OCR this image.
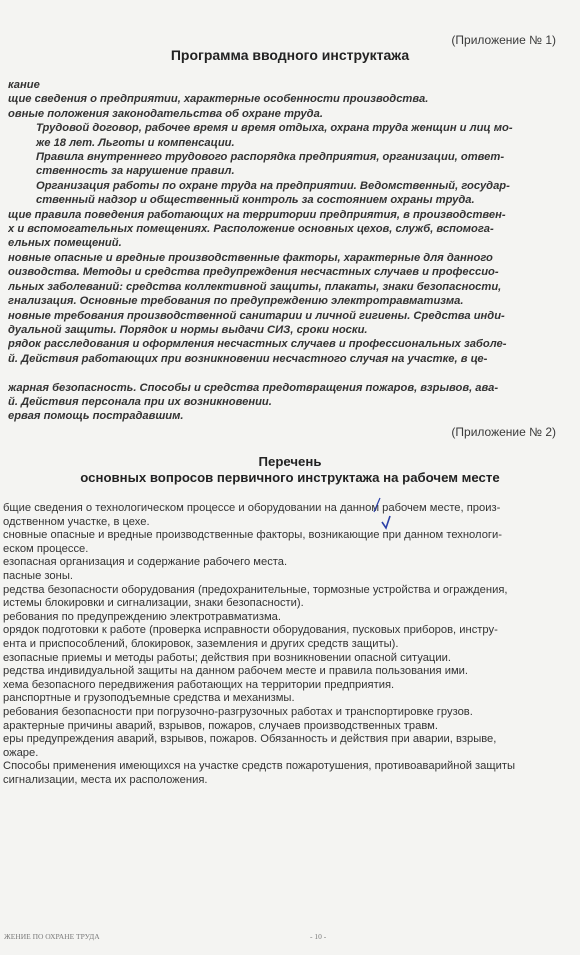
(Приложение № 1)
Программа вводного инструктажа
кание
щие сведения о предприятии, характерные особенности производства.
овные положения законодательства об охране труда.
Трудовой договор, рабочее время и время отдыха, охрана труда женщин и лиц мо-
же 18 лет. Льготы и компенсации.
Правила внутреннего трудового распорядка предприятия, организации, ответ-
ственность за нарушение правил.
Организация работы по охране труда на предприятии. Ведомственный, государ-
ственный надзор и общественный контроль за состоянием охраны труда.
щие правила поведения работающих на территории предприятия, в производствен-
х и вспомогательных помещениях. Расположение основных цехов, служб, вспомога-
ельных помещений.
новные опасные и вредные производственные факторы, характерные для данного
оизводства. Методы и средства предупреждения несчастных случаев и профессио-
льных заболеваний: средства коллективной защиты, плакаты, знаки безопасности,
гнализация. Основные требования по предупреждению электротравматизма.
новные требования производственной санитарии и личной гигиены. Средства инди-
дуальной защиты. Порядок и нормы выдачи СИЗ, сроки носки.
рядок расследования и оформления несчастных случаев и профессиональных заболе-
й. Действия работающих при возникновении несчастного случая на участке, в це-

жарная безопасность. Способы и средства предотвращения пожаров, взрывов, ава-
й. Действия персонала при их возникновении.
ервая помощь пострадавшим.
(Приложение № 2)
Перечень
основных вопросов первичного инструктажа на рабочем месте
бщие сведения о технологическом процессе и оборудовании на данном рабочем месте, произ-
одственном участке, в цехе.
сновные опасные и вредные производственные факторы, возникающие при данном технологи-
еском процессе.
езопасная организация и содержание рабочего места.
пасные зоны.
редства безопасности оборудования (предохранительные, тормозные устройства и ограждения,
истемы блокировки и сигнализации, знаки безопасности).
ребования по предупреждению электротравматизма.
орядок подготовки к работе (проверка исправности оборудования, пусковых приборов, инстру-
ента и приспособлений, блокировок, заземления и других средств защиты).
езопасные приемы и методы работы; действия при возникновении опасной ситуации.
редства индивидуальной защиты на данном рабочем месте и правила пользования ими.
хема безопасного передвижения работающих на территории предприятия.
ранспортные и грузоподъемные средства и механизмы.
ребования безопасности при погрузочно-разгрузочных работах и транспортировке грузов.
арактерные причины аварий, взрывов, пожаров, случаев производственных травм.
еры предупреждения аварий, взрывов, пожаров. Обязанность и действия при аварии, взрыве,
ожаре.
Способы применения имеющихся на участке средств пожаротушения, противоаварийной защиты
сигнализации, места их расположения.
ЖЕНИЕ ПО ОХРАНЕ ТРУДА	- 10 -
